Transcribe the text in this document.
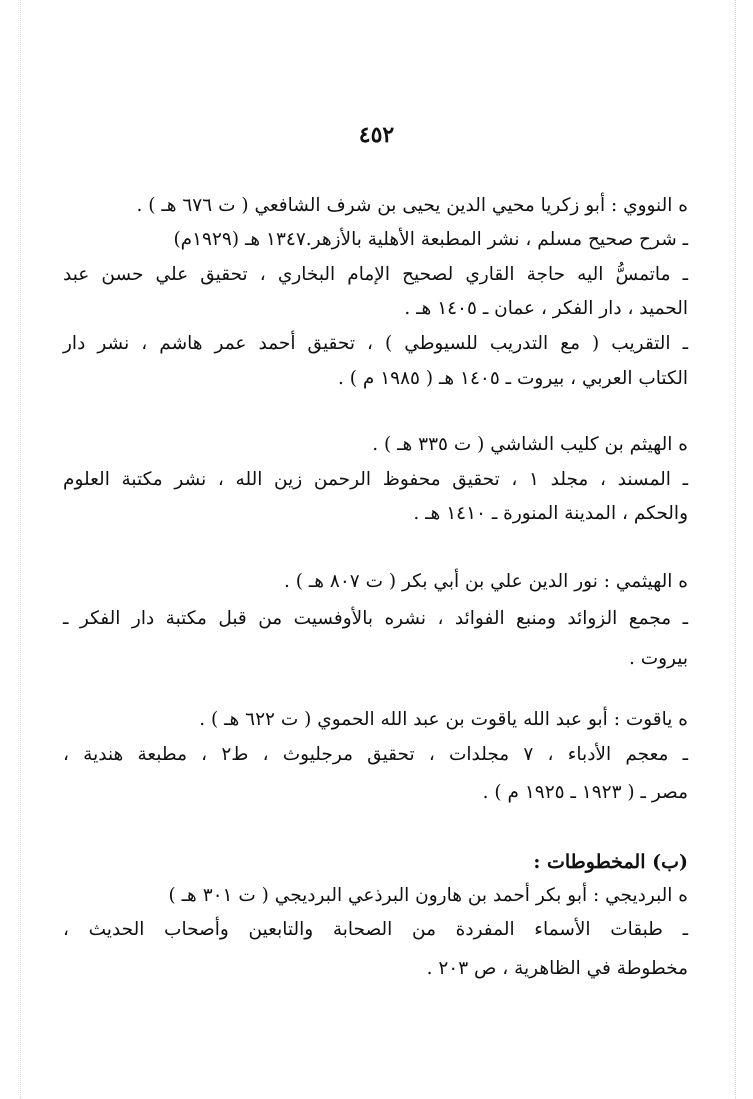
٤٥٢
ه النووي : أبو زكريا محيي الدين يحيى بن شرف الشافعي ( ت ٦٧٦ هـ ) .
ـ شرح صحيح مسلم ، نشر المطبعة الأهلية بالأزهر.١٣٤٧ هـ (١٩٢٩م)
ـ ماتمسُّ اليه حاجة القاري لصحيح الإمام البخاري ، تحقيق علي حسن عبد
الحميد ، دار الفكر ، عمان ـ ١٤٠٥ هـ .
ـ التقريب ( مع التدريب للسيوطي ) ، تحقيق أحمد عمر هاشم ، نشر دار
الكتاب العربي ، بيروت ـ ١٤٠٥ هـ ( ١٩٨٥ م ) .
ه الهيثم بن كليب الشاشي ( ت ٣٣٥ هـ ) .
ـ المسند ، مجلد ١ ، تحقيق محفوظ الرحمن زين الله ، نشر مكتبة العلوم
والحكم ، المدينة المنورة ـ ١٤١٠ هـ .
ه الهيثمي : نور الدين علي بن أبي بكر ( ت ٨٠٧ هـ ) .
ـ مجمع الزوائد ومنبع الفوائد ، نشره بالأوفسيت من قبل مكتبة دار الفكر ـ
بيروت .
ه ياقوت : أبو عبد الله ياقوت بن عبد الله الحموي ( ت ٦٢٢ هـ ) .
ـ معجم الأدباء ، ٧ مجلدات ، تحقيق مرجليوث ، ط٢ ، مطبعة هندية ،
مصر ـ ( ١٩٢٣ ـ ١٩٢٥ م ) .
(ب) المخطوطات :
ه البرديجي : أبو بكر أحمد بن هارون البرذعي البرديجي ( ت ٣٠١ هـ )
ـ طبقات الأسماء المفردة من الصحابة والتابعين وأصحاب الحديث ،
مخطوطة في الظاهرية ، ص ٢٠٣ .
